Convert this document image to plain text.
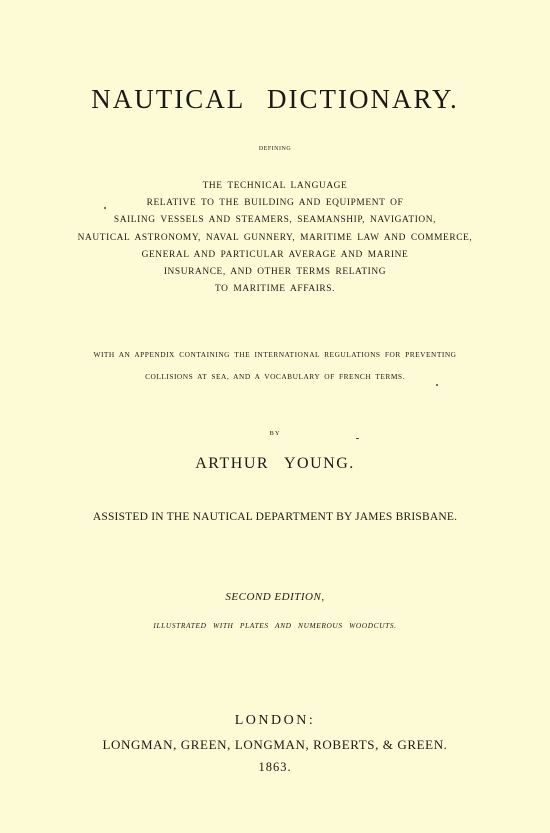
NAUTICAL DICTIONARY.
DEFINING
THE TECHNICAL LANGUAGE
RELATIVE TO THE BUILDING AND EQUIPMENT OF
SAILING VESSELS AND STEAMERS, SEAMANSHIP, NAVIGATION,
NAUTICAL ASTRONOMY, NAVAL GUNNERY, MARITIME LAW AND COMMERCE,
GENERAL AND PARTICULAR AVERAGE AND MARINE
INSURANCE, AND OTHER TERMS RELATING
TO MARITIME AFFAIRS.
WITH AN APPENDIX CONTAINING THE INTERNATIONAL REGULATIONS FOR PREVENTING
COLLISIONS AT SEA, AND A VOCABULARY OF FRENCH TERMS.
BY
ARTHUR YOUNG.
ASSISTED IN THE NAUTICAL DEPARTMENT BY JAMES BRISBANE.
SECOND EDITION,
ILLUSTRATED WITH PLATES AND NUMEROUS WOODCUTS.
LONDON:
LONGMAN, GREEN, LONGMAN, ROBERTS, & GREEN.
1863.
